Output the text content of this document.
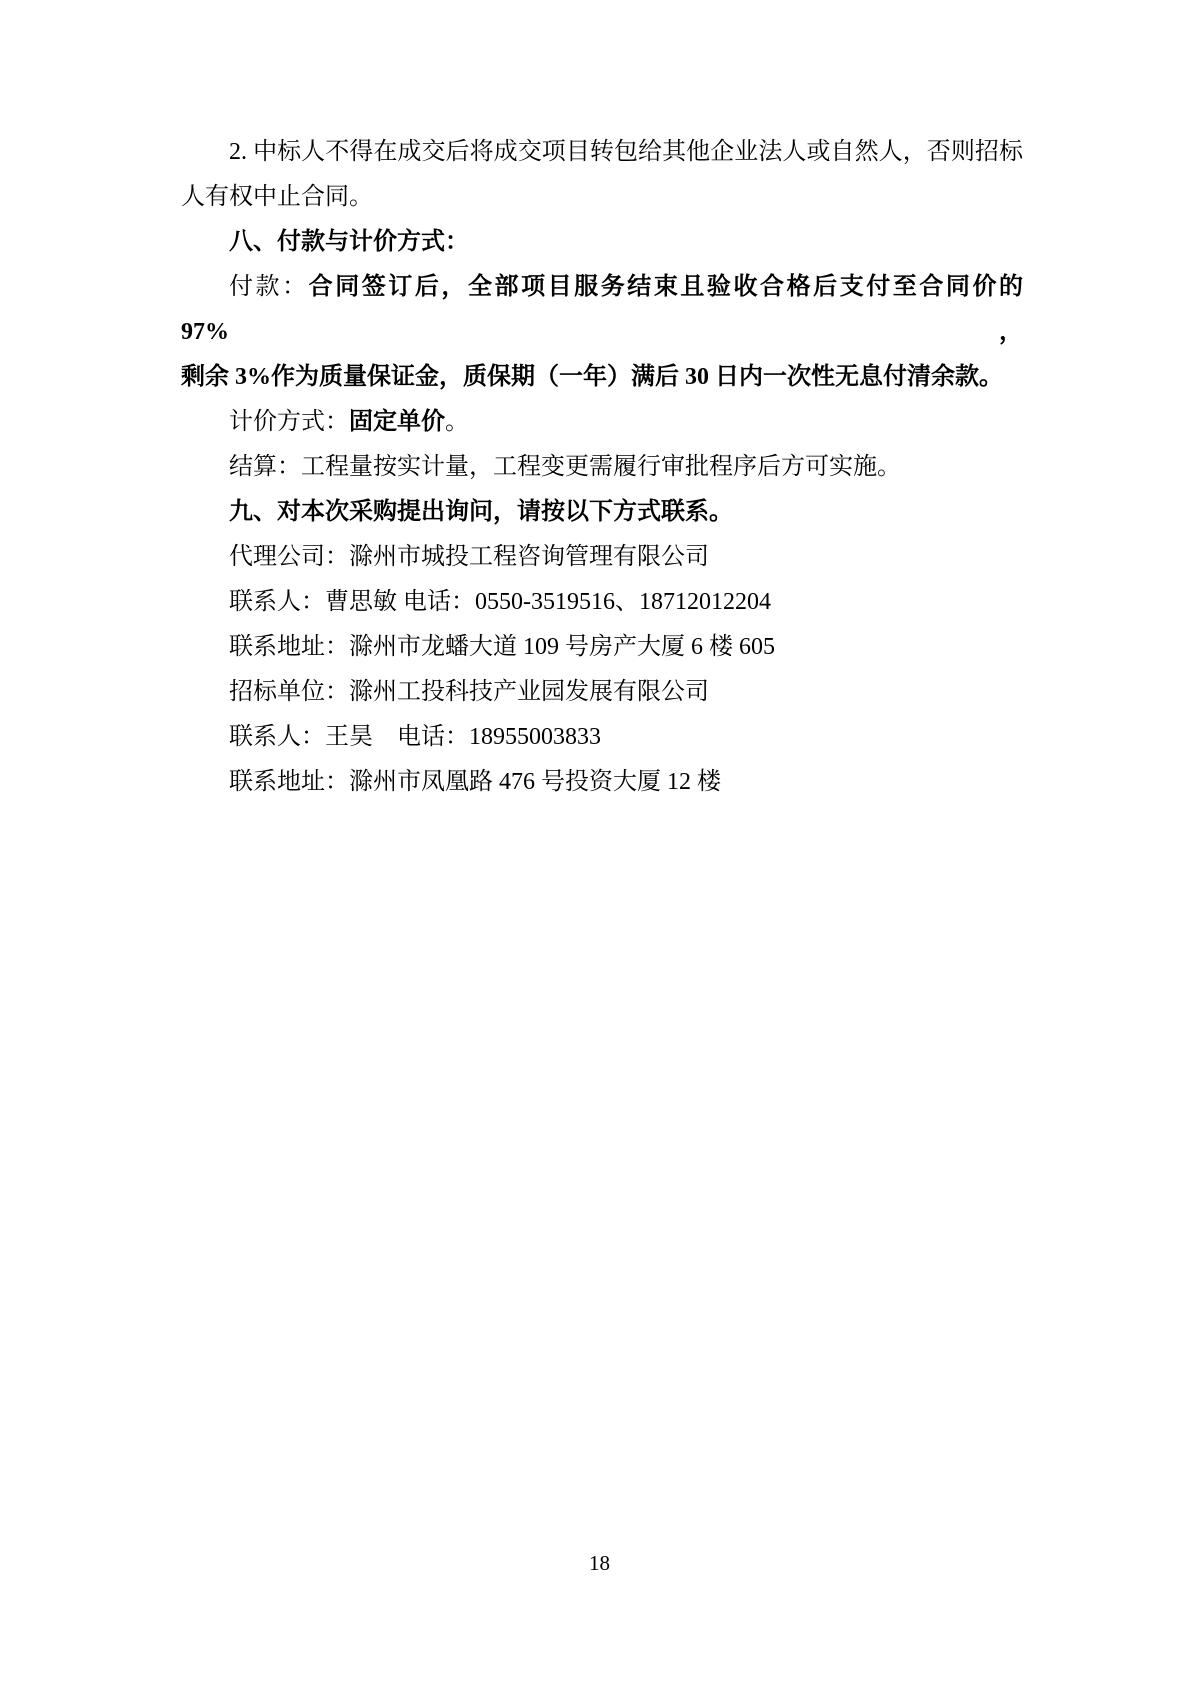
2. 中标人不得在成交后将成交项目转包给其他企业法人或自然人，否则招标

人有权中止合同。

八、付款与计价方式：

付款：合同签订后，全部项目服务结束且验收合格后支付至合同价的 97%，

剩余 3%作为质量保证金，质保期（一年）满后 30 日内一次性无息付清余款。

计价方式：固定单价。

结算：工程量按实计量，工程变更需履行审批程序后方可实施。

九、对本次采购提出询问，请按以下方式联系。

代理公司：滁州市城投工程咨询管理有限公司

联系人：曹思敏 电话：0550-3519516、18712012204

联系地址：滁州市龙蟠大道 109 号房产大厦 6 楼 605

招标单位：滁州工投科技产业园发展有限公司

联系人：王昊　电话：18955003833

联系地址：滁州市凤凰路 476 号投资大厦 12 楼

18
